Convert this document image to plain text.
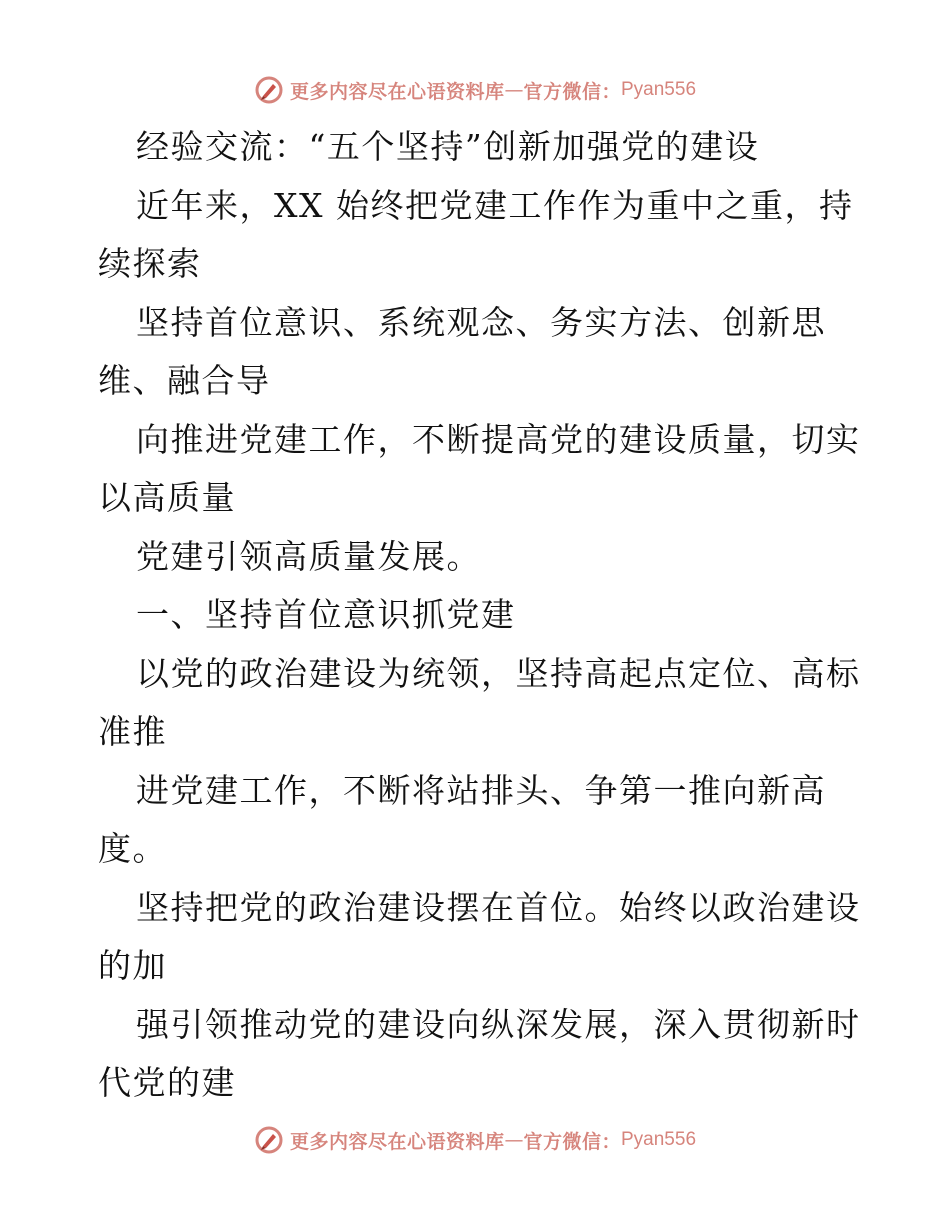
更多内容尽在心语资料库 — 官方微信： Pyan556
经验交流：“五个坚持”创新加强党的建设
近年来，XX 始终把党建工作作为重中之重，持
续探索
坚持首位意识、系统观念、务实方法、创新思
维、融合导
向推进党建工作，不断提高党的建设质量，切实
以高质量
党建引领高质量发展。
一、坚持首位意识抓党建
以党的政治建设为统领，坚持高起点定位、高标
准推
进党建工作，不断将站排头、争第一推向新高
度。
坚持把党的政治建设摆在首位。始终以政治建设
的加
强引领推动党的建设向纵深发展，深入贯彻新时
代党的建
更多内容尽在心语资料库 — 官方微信： Pyan556
